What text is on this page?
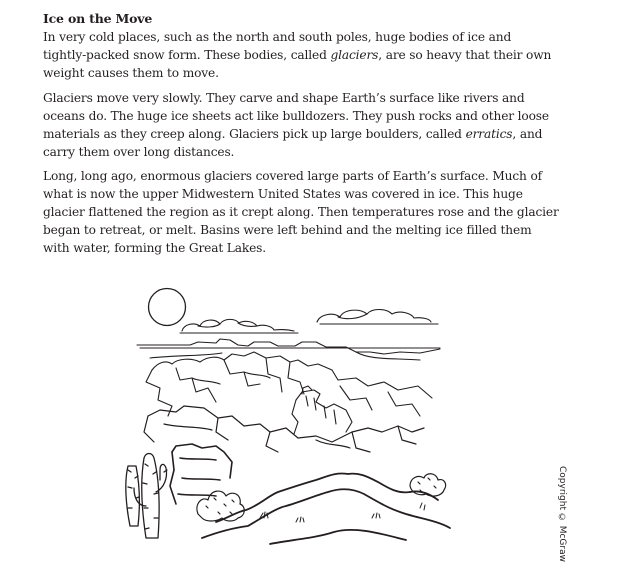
Ice on the Move

In very cold places, such as the north and south poles, huge bodies of ice and
tightly-packed snow form. These bodies, called glaciers, are so heavy that their own
weight causes them to move.

Glaciers move very slowly. They carve and shape Earth’s surface like rivers and
oceans do. The huge ice sheets act like bulldozers. They push rocks and other loose
materials as they creep along. Glaciers pick up large boulders, called erratics, and
carry them over long distances.

Long, long ago, enormous glaciers covered large parts of Earth’s surface. Much of
what is now the upper Midwestern United States was covered in ice. This huge
glacier flattened the region as it crept along. Then temperatures rose and the glacier
began to retreat, or melt. Basins were left behind and the melting ice filled them
with water, forming the Great Lakes.

Copyright © McGraw
